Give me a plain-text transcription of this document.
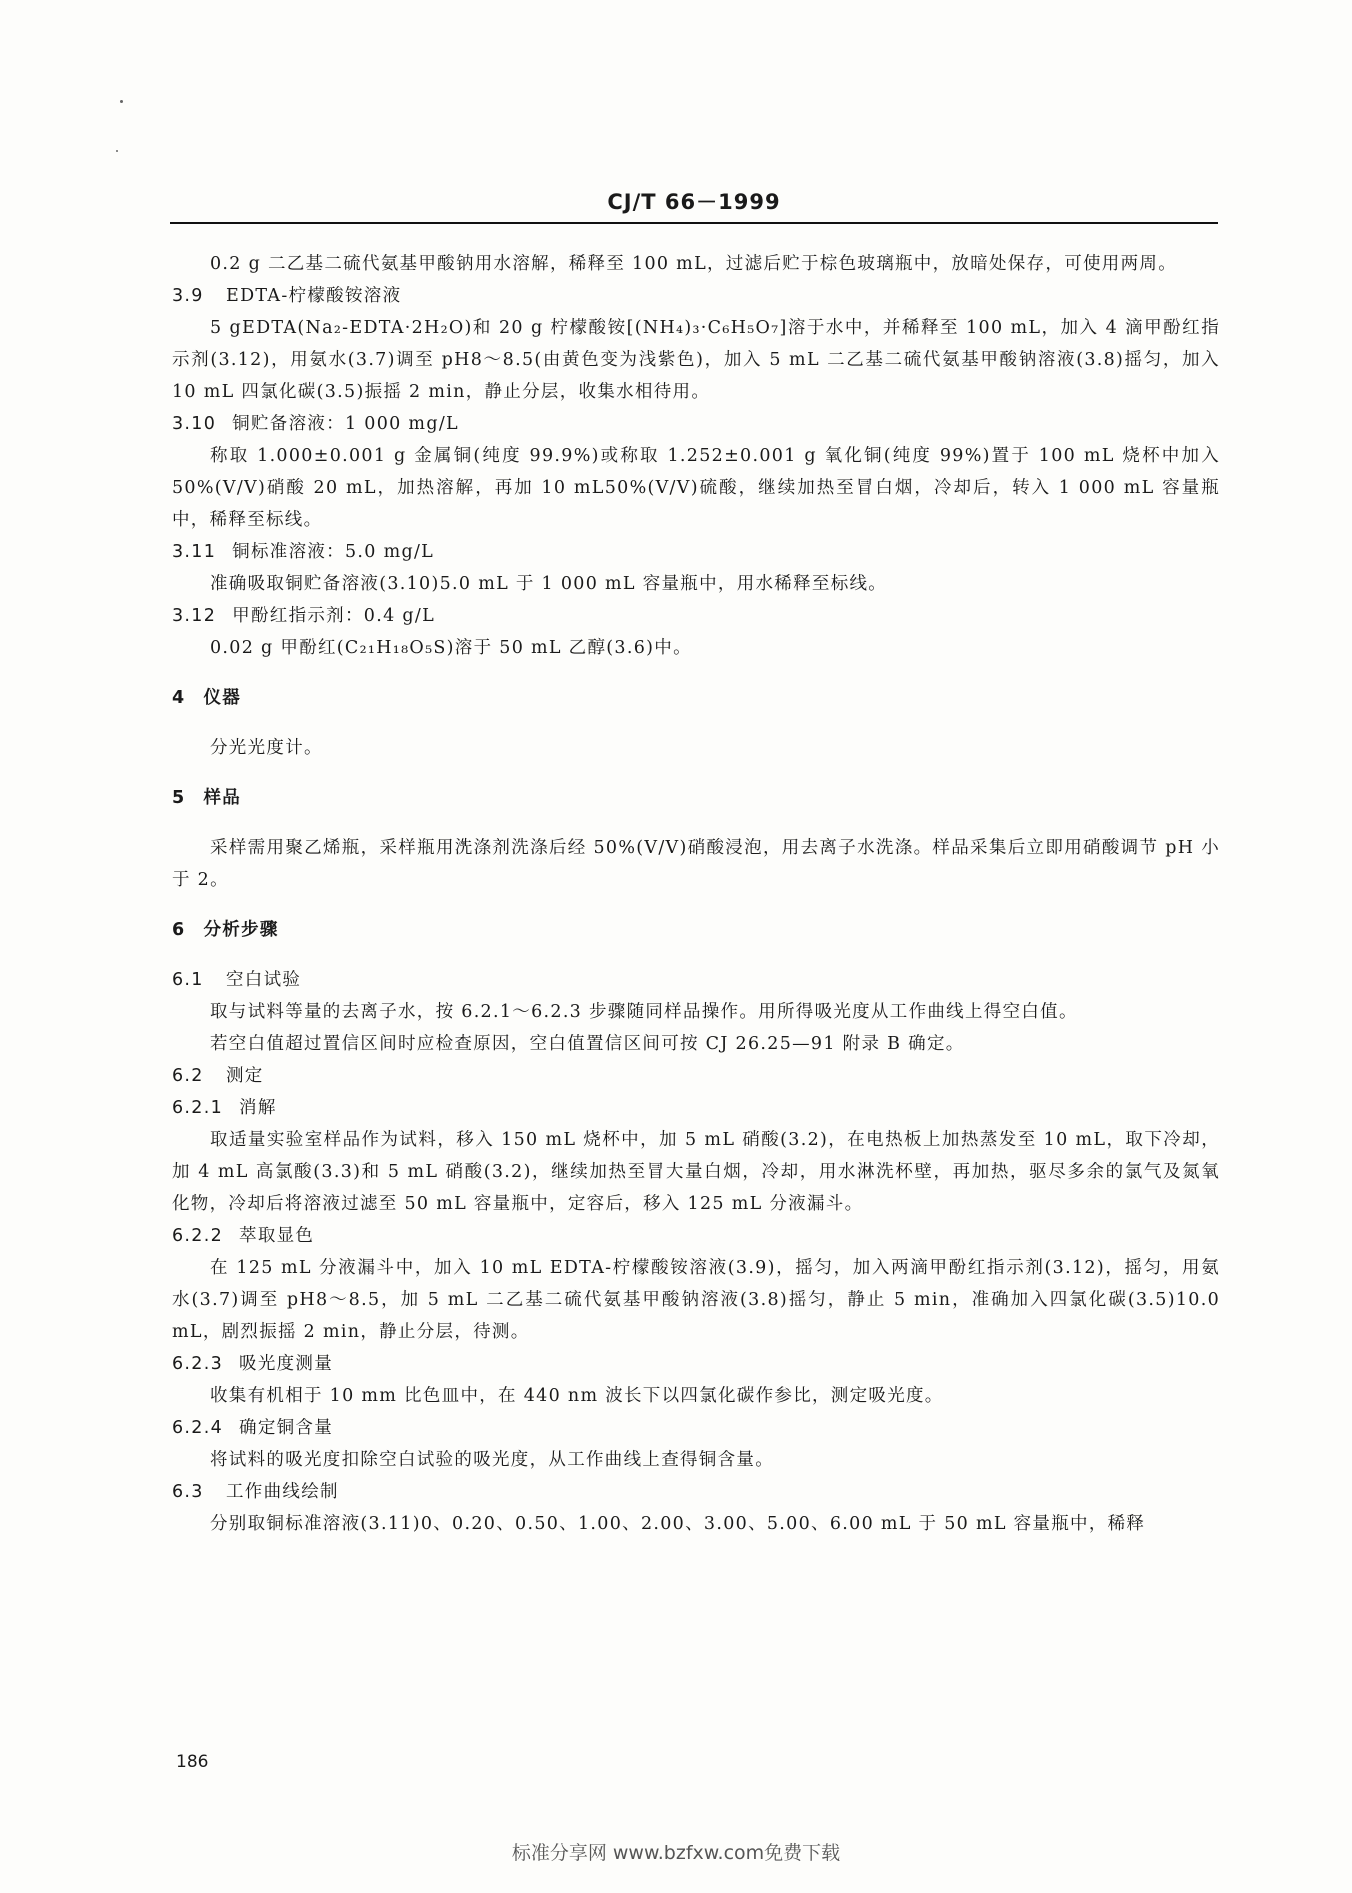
CJ/T 66－1999

0.2 g 二乙基二硫代氨基甲酸钠用水溶解，稀释至 100 mL，过滤后贮于棕色玻璃瓶中，放暗处保存，可使用两周。

3.9 EDTA-柠檬酸铵溶液

5 gEDTA(Na₂-EDTA·2H₂O)和 20 g 柠檬酸铵[(NH₄)₃·C₆H₅O₇]溶于水中，并稀释至 100 mL，加入 4 滴甲酚红指示剂(3.12)，用氨水(3.7)调至 pH8～8.5(由黄色变为浅紫色)，加入 5 mL 二乙基二硫代氨基甲酸钠溶液(3.8)摇匀，加入 10 mL 四氯化碳(3.5)振摇 2 min，静止分层，收集水相待用。

3.10 铜贮备溶液：1 000 mg/L

称取 1.000±0.001 g 金属铜(纯度 99.9%)或称取 1.252±0.001 g 氧化铜(纯度 99%)置于 100 mL 烧杯中加入 50%(V/V)硝酸 20 mL，加热溶解，再加 10 mL50%(V/V)硫酸，继续加热至冒白烟，冷却后，转入 1 000 mL 容量瓶中，稀释至标线。

3.11 铜标准溶液：5.0 mg/L

准确吸取铜贮备溶液(3.10)5.0 mL 于 1 000 mL 容量瓶中，用水稀释至标线。

3.12 甲酚红指示剂：0.4 g/L

0.02 g 甲酚红(C₂₁H₁₈O₅S)溶于 50 mL 乙醇(3.6)中。

4 仪器

分光光度计。

5 样品

采样需用聚乙烯瓶，采样瓶用洗涤剂洗涤后经 50%(V/V)硝酸浸泡，用去离子水洗涤。样品采集后立即用硝酸调节 pH 小于 2。

6 分析步骤

6.1 空白试验

取与试料等量的去离子水，按 6.2.1～6.2.3 步骤随同样品操作。用所得吸光度从工作曲线上得空白值。

若空白值超过置信区间时应检查原因，空白值置信区间可按 CJ 26.25—91 附录 B 确定。

6.2 测定

6.2.1 消解

取适量实验室样品作为试料，移入 150 mL 烧杯中，加 5 mL 硝酸(3.2)，在电热板上加热蒸发至 10 mL，取下冷却，加 4 mL 高氯酸(3.3)和 5 mL 硝酸(3.2)，继续加热至冒大量白烟，冷却，用水淋洗杯壁，再加热，驱尽多余的氯气及氮氧化物，冷却后将溶液过滤至 50 mL 容量瓶中，定容后，移入 125 mL 分液漏斗。

6.2.2 萃取显色

在 125 mL 分液漏斗中，加入 10 mL EDTA-柠檬酸铵溶液(3.9)，摇匀，加入两滴甲酚红指示剂(3.12)，摇匀，用氨水(3.7)调至 pH8～8.5，加 5 mL 二乙基二硫代氨基甲酸钠溶液(3.8)摇匀，静止 5 min，准确加入四氯化碳(3.5)10.0 mL，剧烈振摇 2 min，静止分层，待测。

6.2.3 吸光度测量

收集有机相于 10 mm 比色皿中，在 440 nm 波长下以四氯化碳作参比，测定吸光度。

6.2.4 确定铜含量

将试料的吸光度扣除空白试验的吸光度，从工作曲线上查得铜含量。

6.3 工作曲线绘制

分别取铜标准溶液(3.11)0、0.20、0.50、1.00、2.00、3.00、5.00、6.00 mL 于 50 mL 容量瓶中，稀释

186
标准分享网 www.bzfxw.com免费下载
